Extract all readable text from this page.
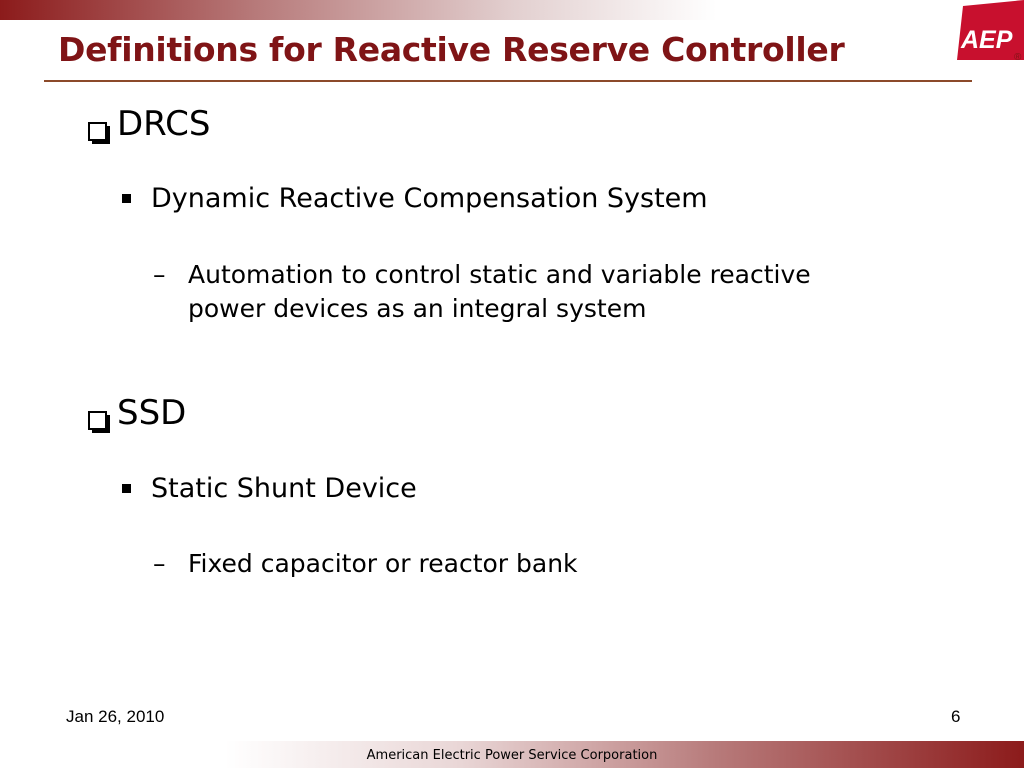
Definitions for Reactive Reserve Controller	AEP
®
DRCS
Dynamic Reactive Compensation System
– Automation to control static and variable reactive power devices as an integral system
SSD
Static Shunt Device
– Fixed capacitor or reactor bank
Jan 26, 2010	6
American Electric Power Service Corporation
